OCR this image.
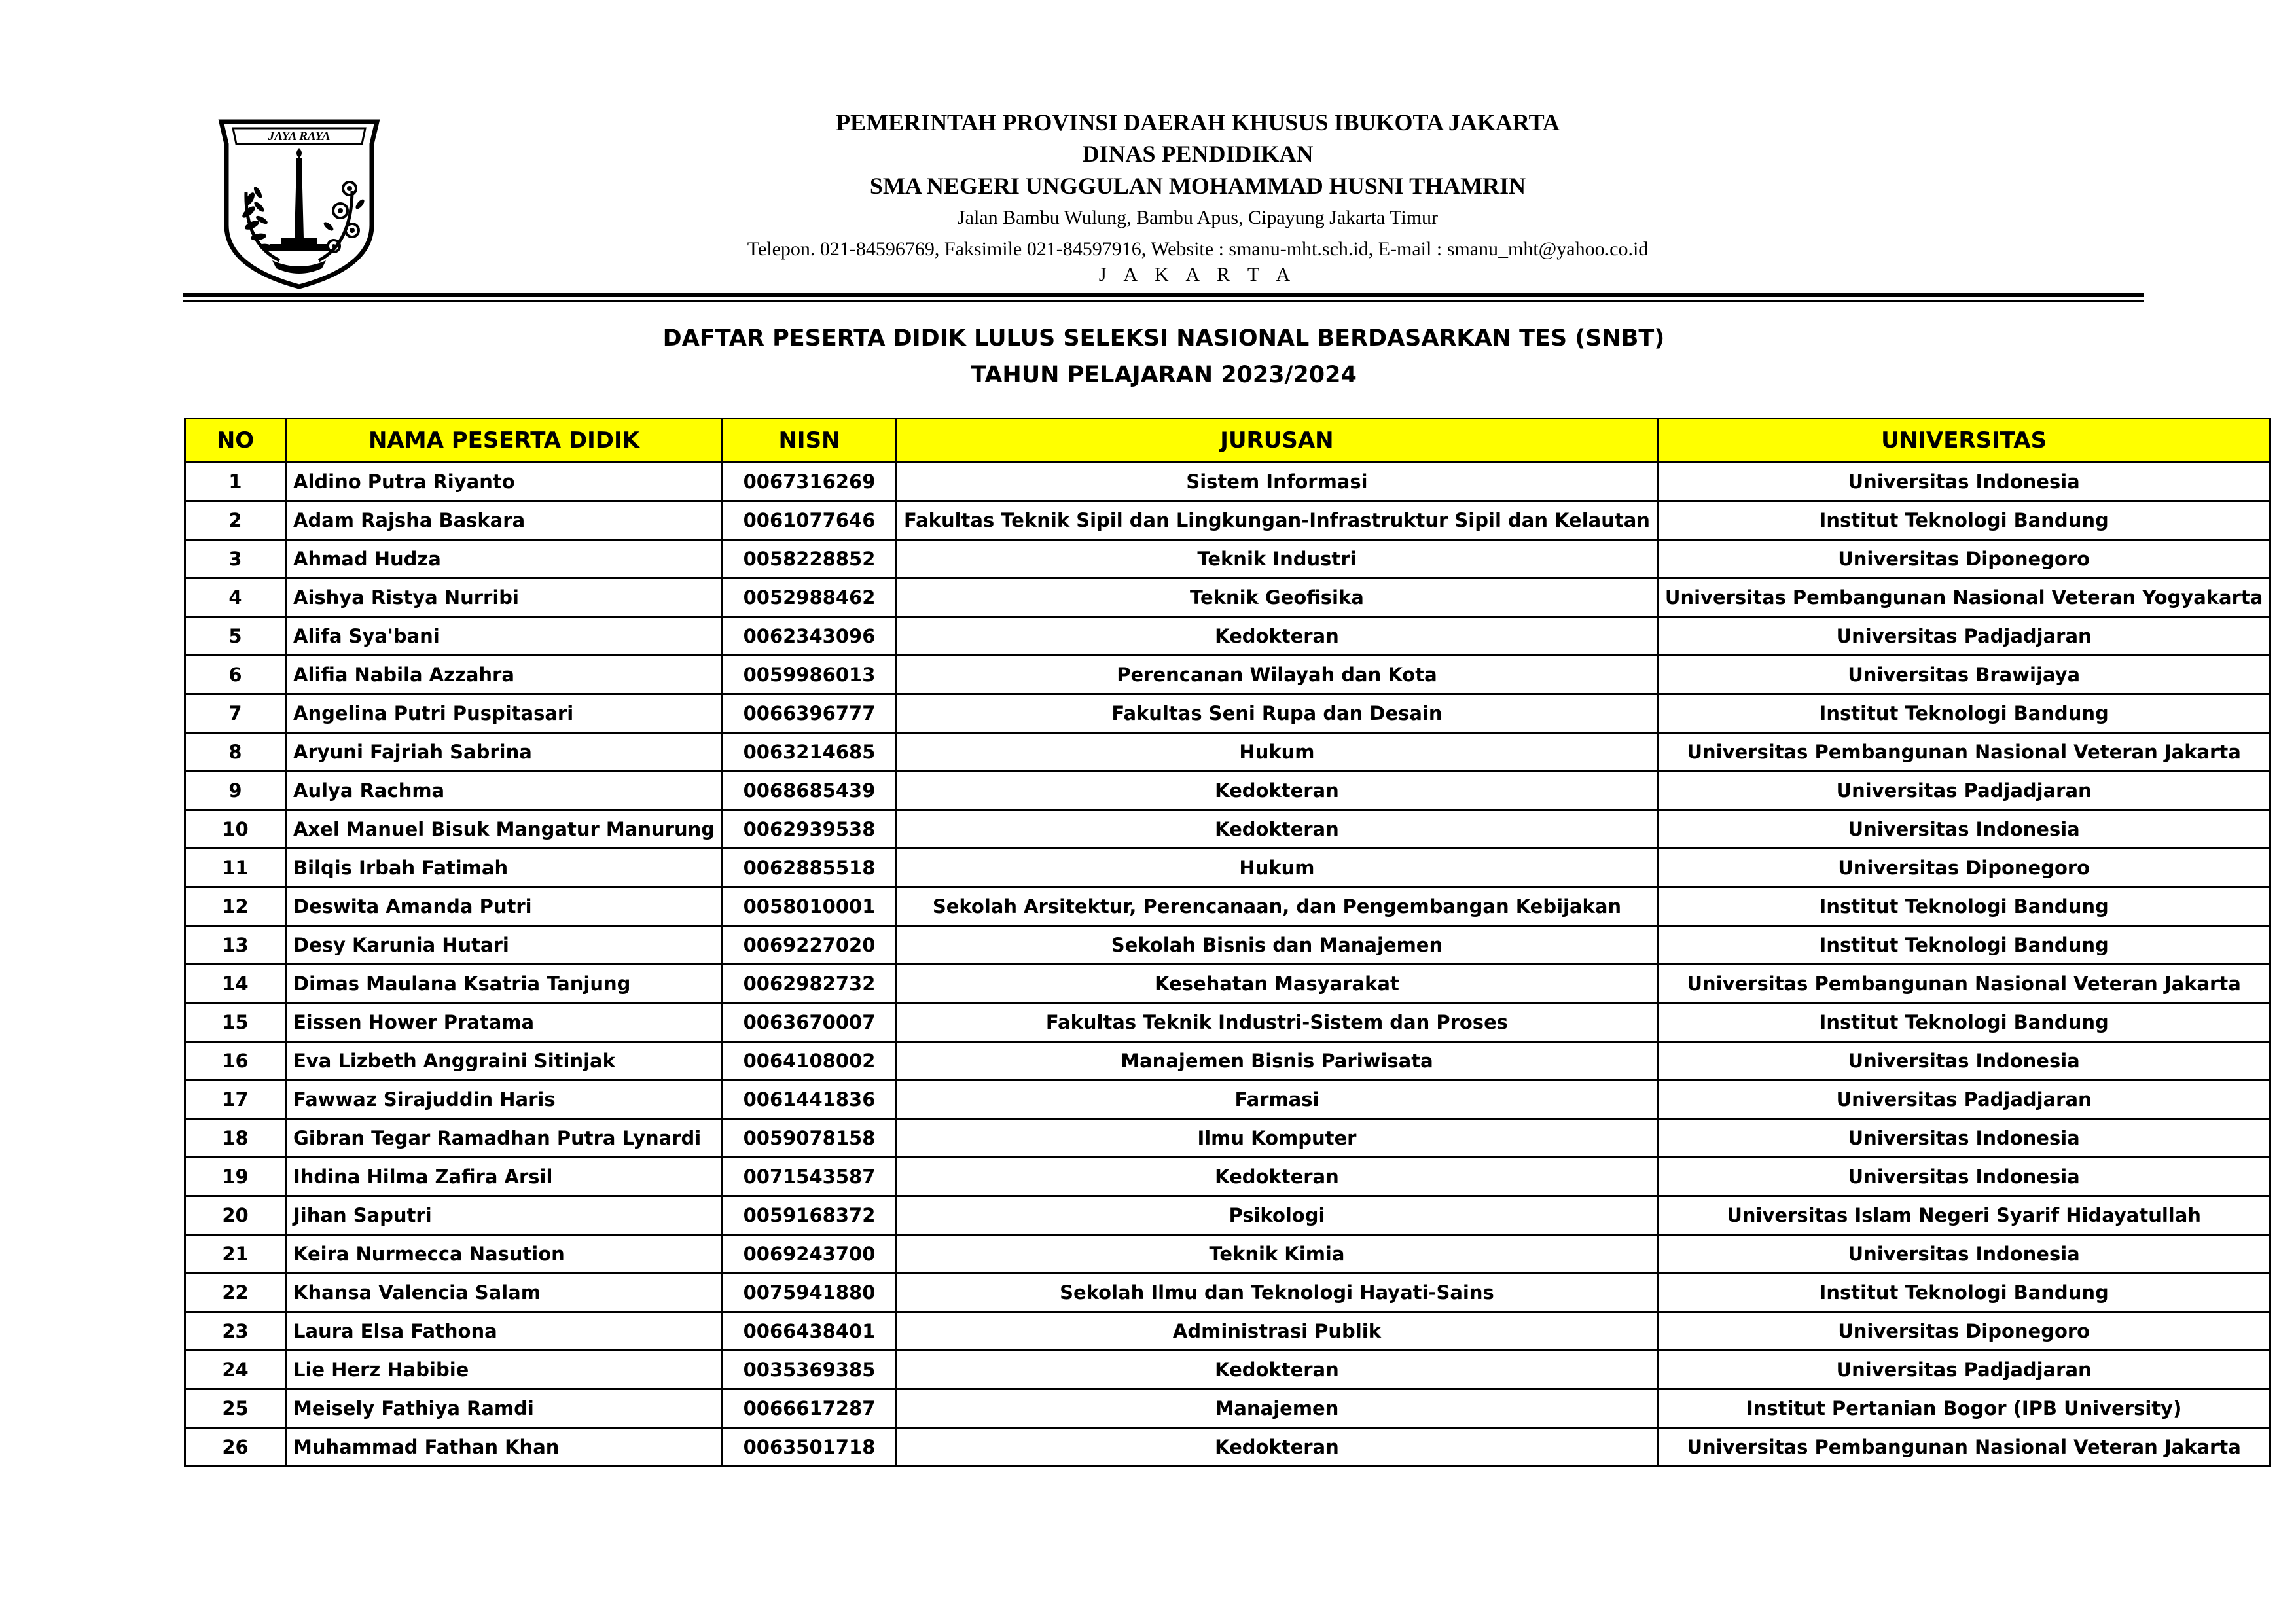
JAYA RAYA
PEMERINTAH PROVINSI DAERAH KHUSUS IBUKOTA JAKARTA
DINAS PENDIDIKAN
SMA NEGERI UNGGULAN MOHAMMAD HUSNI THAMRIN
Jalan Bambu Wulung, Bambu Apus, Cipayung Jakarta Timur
Telepon. 021-84596769, Faksimile 021-84597916, Website : smanu-mht.sch.id, E-mail : smanu_mht@yahoo.co.id
J A K A R T A
DAFTAR PESERTA DIDIK LULUS SELEKSI NASIONAL BERDASARKAN TES (SNBT)
TAHUN PELAJARAN 2023/2024
NO	NAMA PESERTA DIDIK	NISN	JURUSAN	UNIVERSITAS
1	Aldino Putra Riyanto	0067316269	Sistem Informasi	Universitas Indonesia
2	Adam Rajsha Baskara	0061077646	Fakultas Teknik Sipil dan Lingkungan-Infrastruktur Sipil dan Kelautan	Institut Teknologi Bandung
3	Ahmad Hudza	0058228852	Teknik Industri	Universitas Diponegoro
4	Aishya Ristya Nurribi	0052988462	Teknik Geofisika	Universitas Pembangunan Nasional Veteran Yogyakarta
5	Alifa Sya'bani	0062343096	Kedokteran	Universitas Padjadjaran
6	Alifia Nabila Azzahra	0059986013	Perencanan Wilayah dan Kota	Universitas Brawijaya
7	Angelina Putri Puspitasari	0066396777	Fakultas Seni Rupa dan Desain	Institut Teknologi Bandung
8	Aryuni Fajriah Sabrina	0063214685	Hukum	Universitas Pembangunan Nasional Veteran Jakarta
9	Aulya Rachma	0068685439	Kedokteran	Universitas Padjadjaran
10	Axel Manuel Bisuk Mangatur Manurung	0062939538	Kedokteran	Universitas Indonesia
11	Bilqis Irbah Fatimah	0062885518	Hukum	Universitas Diponegoro
12	Deswita Amanda Putri	0058010001	Sekolah Arsitektur, Perencanaan, dan Pengembangan Kebijakan	Institut Teknologi Bandung
13	Desy Karunia Hutari	0069227020	Sekolah Bisnis dan Manajemen	Institut Teknologi Bandung
14	Dimas Maulana Ksatria Tanjung	0062982732	Kesehatan Masyarakat	Universitas Pembangunan Nasional Veteran Jakarta
15	Eissen Hower Pratama	0063670007	Fakultas Teknik Industri-Sistem dan Proses	Institut Teknologi Bandung
16	Eva Lizbeth Anggraini Sitinjak	0064108002	Manajemen Bisnis Pariwisata	Universitas Indonesia
17	Fawwaz Sirajuddin Haris	0061441836	Farmasi	Universitas Padjadjaran
18	Gibran Tegar Ramadhan Putra Lynardi	0059078158	Ilmu Komputer	Universitas Indonesia
19	Ihdina Hilma Zafira Arsil	0071543587	Kedokteran	Universitas Indonesia
20	Jihan Saputri	0059168372	Psikologi	Universitas Islam Negeri Syarif Hidayatullah
21	Keira Nurmecca Nasution	0069243700	Teknik Kimia	Universitas Indonesia
22	Khansa Valencia Salam	0075941880	Sekolah Ilmu dan Teknologi Hayati-Sains	Institut Teknologi Bandung
23	Laura Elsa Fathona	0066438401	Administrasi Publik	Universitas Diponegoro
24	Lie Herz Habibie	0035369385	Kedokteran	Universitas Padjadjaran
25	Meisely Fathiya Ramdi	0066617287	Manajemen	Institut Pertanian Bogor (IPB University)
26	Muhammad Fathan Khan	0063501718	Kedokteran	Universitas Pembangunan Nasional Veteran Jakarta
